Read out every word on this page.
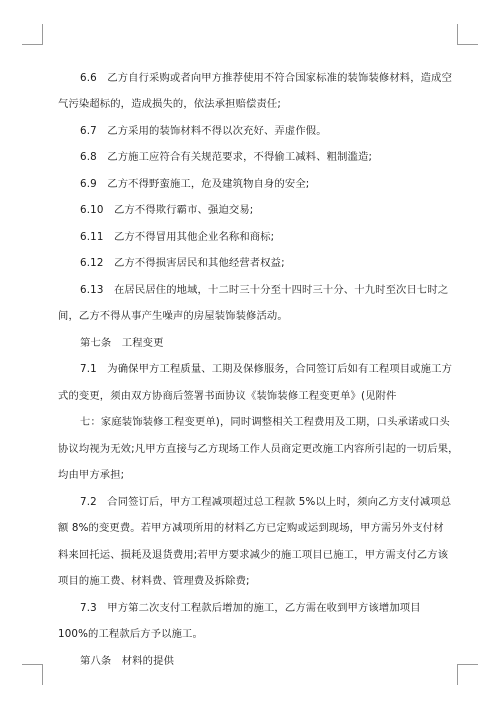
6.6　乙方自行采购或者向甲方推荐使用不符合国家标准的装饰装修材料，造成空

气污染超标的，造成损失的，依法承担赔偿责任;

6.7　乙方采用的装饰材料不得以次充好、弄虚作假。

6.8　乙方施工应符合有关规范要求，不得偷工减料、粗制滥造;

6.9　乙方不得野蛮施工，危及建筑物自身的安全;

6.10　乙方不得欺行霸市、强迫交易;

6.11　乙方不得冒用其他企业名称和商标;

6.12　乙方不得损害居民和其他经营者权益;

6.13　在居民居住的地域，十二时三十分至十四时三十分、十九时至次日七时之

间，乙方不得从事产生噪声的房屋装饰装修活动。

第七条　工程变更

7.1　为确保甲方工程质量、工期及保修服务，合同签订后如有工程项目或施工方

式的变更，须由双方协商后签署书面协议《装饰装修工程变更单》(见附件

七：家庭装饰装修工程变更单)，同时调整相关工程费用及工期，口头承诺或口头

协议均视为无效;凡甲方直接与乙方现场工作人员商定更改施工内容所引起的一切后果，

均由甲方承担;

7.2　合同签订后，甲方工程减项超过总工程款 5%以上时，须向乙方支付减项总

额 8%的变更费。若甲方减项所用的材料乙方已定购或运到现场，甲方需另外支付材

料来回托运、损耗及退货费用;若甲方要求减少的施工项目已施工，甲方需支付乙方该

项目的施工费、材料费、管理费及拆除费;

7.3　甲方第二次支付工程款后增加的施工，乙方需在收到甲方该增加项目

100%的工程款后方予以施工。

第八条　材料的提供
